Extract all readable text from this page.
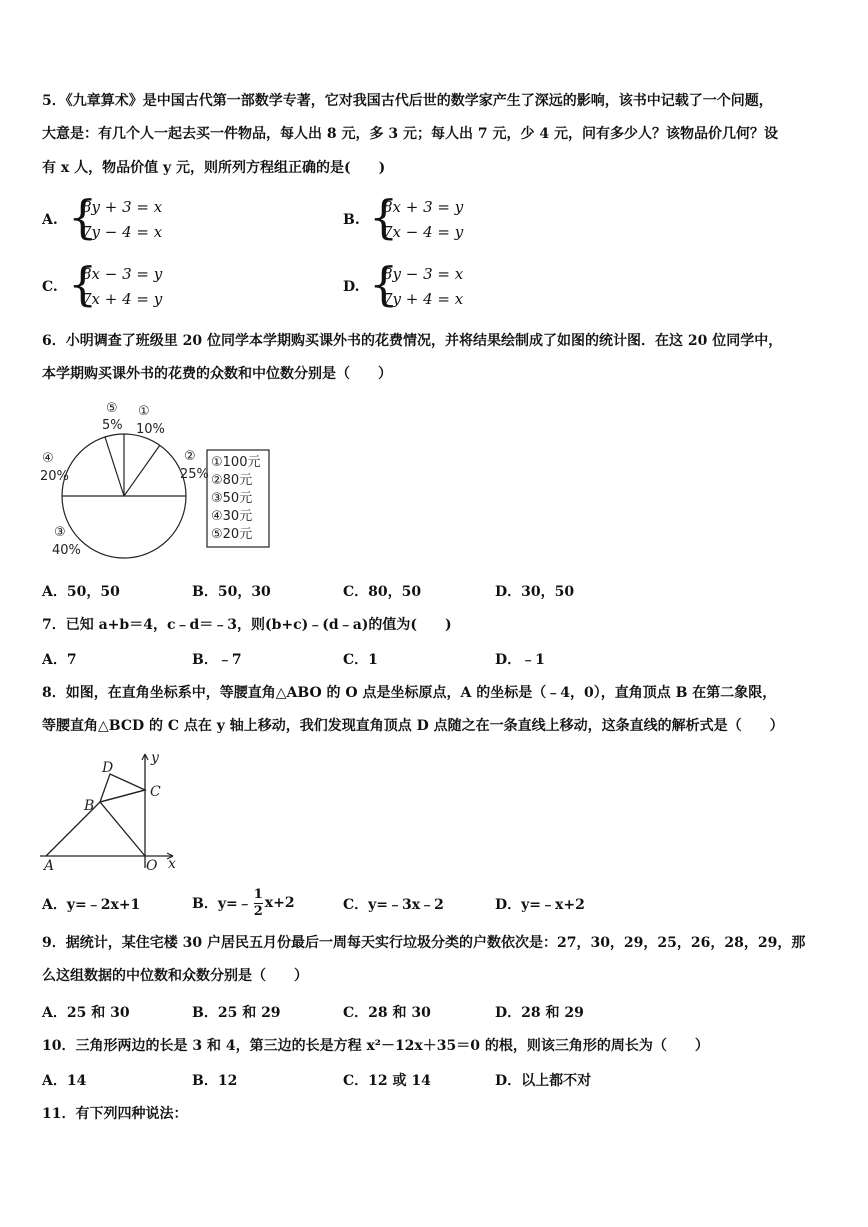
5．《九章算术》是中国古代第一部数学专著，它对我国古代后世的数学家产生了深远的影响，该书中记载了一个问题，
大意是：有几个人一起去买一件物品，每人出 8 元，多 3 元；每人出 7 元，少 4 元，问有多少人？该物品价几何？设
有 x 人，物品价值 y 元，则所列方程组正确的是(　　)
A. {
8y + 3 = x
7y − 4 = x
B. {
8x + 3 = y
7x − 4 = y
C. {
8x − 3 = y
7x + 4 = y
D. {
8y − 3 = x
7y + 4 = x
6．小明调查了班级里 20 位同学本学期购买课外书的花费情况，并将结果绘制成了如图的统计图．在这 20 位同学中，
本学期购买课外书的花费的众数和中位数分别是（　　）
⑤
5%
①
10%
②
25%
④
20%
③
40%
①100元
②80元
③50元
④30元
⑤20元
A．50，50	B．50，30	C．80，50	D．30，50
7．已知 a+b＝4，c﹣d＝﹣3，则(b+c)﹣(d﹣a)的值为(　　)
A．7	B．﹣7	C．1	D．﹣1
8．如图，在直角坐标系中，等腰直角△ABO 的 O 点是坐标原点，A 的坐标是（﹣4，0），直角顶点 B 在第二象限，
等腰直角△BCD 的 C 点在 y 轴上移动，我们发现直角顶点 D 点随之在一条直线上移动，这条直线的解析式是（　　）
D
C
B
A	O x
y
A．y=﹣2x+1	B．y=﹣ $\frac{1}{2} x+2$	C．y=﹣3x﹣2	D．y=﹣x+2
9．据统计，某住宅楼 30 户居民五月份最后一周每天实行垃圾分类的户数依次是：27，30，29，25，26，28，29，那
么这组数据的中位数和众数分别是（　　）
A．25 和 30	B．25 和 29	C．28 和 30	D．28 和 29
10．三角形两边的长是 3 和 4，第三边的长是方程 x²－12x＋35＝0 的根，则该三角形的周长为（　　）
A．14	B．12	C．12 或 14	D．以上都不对
11．有下列四种说法：
